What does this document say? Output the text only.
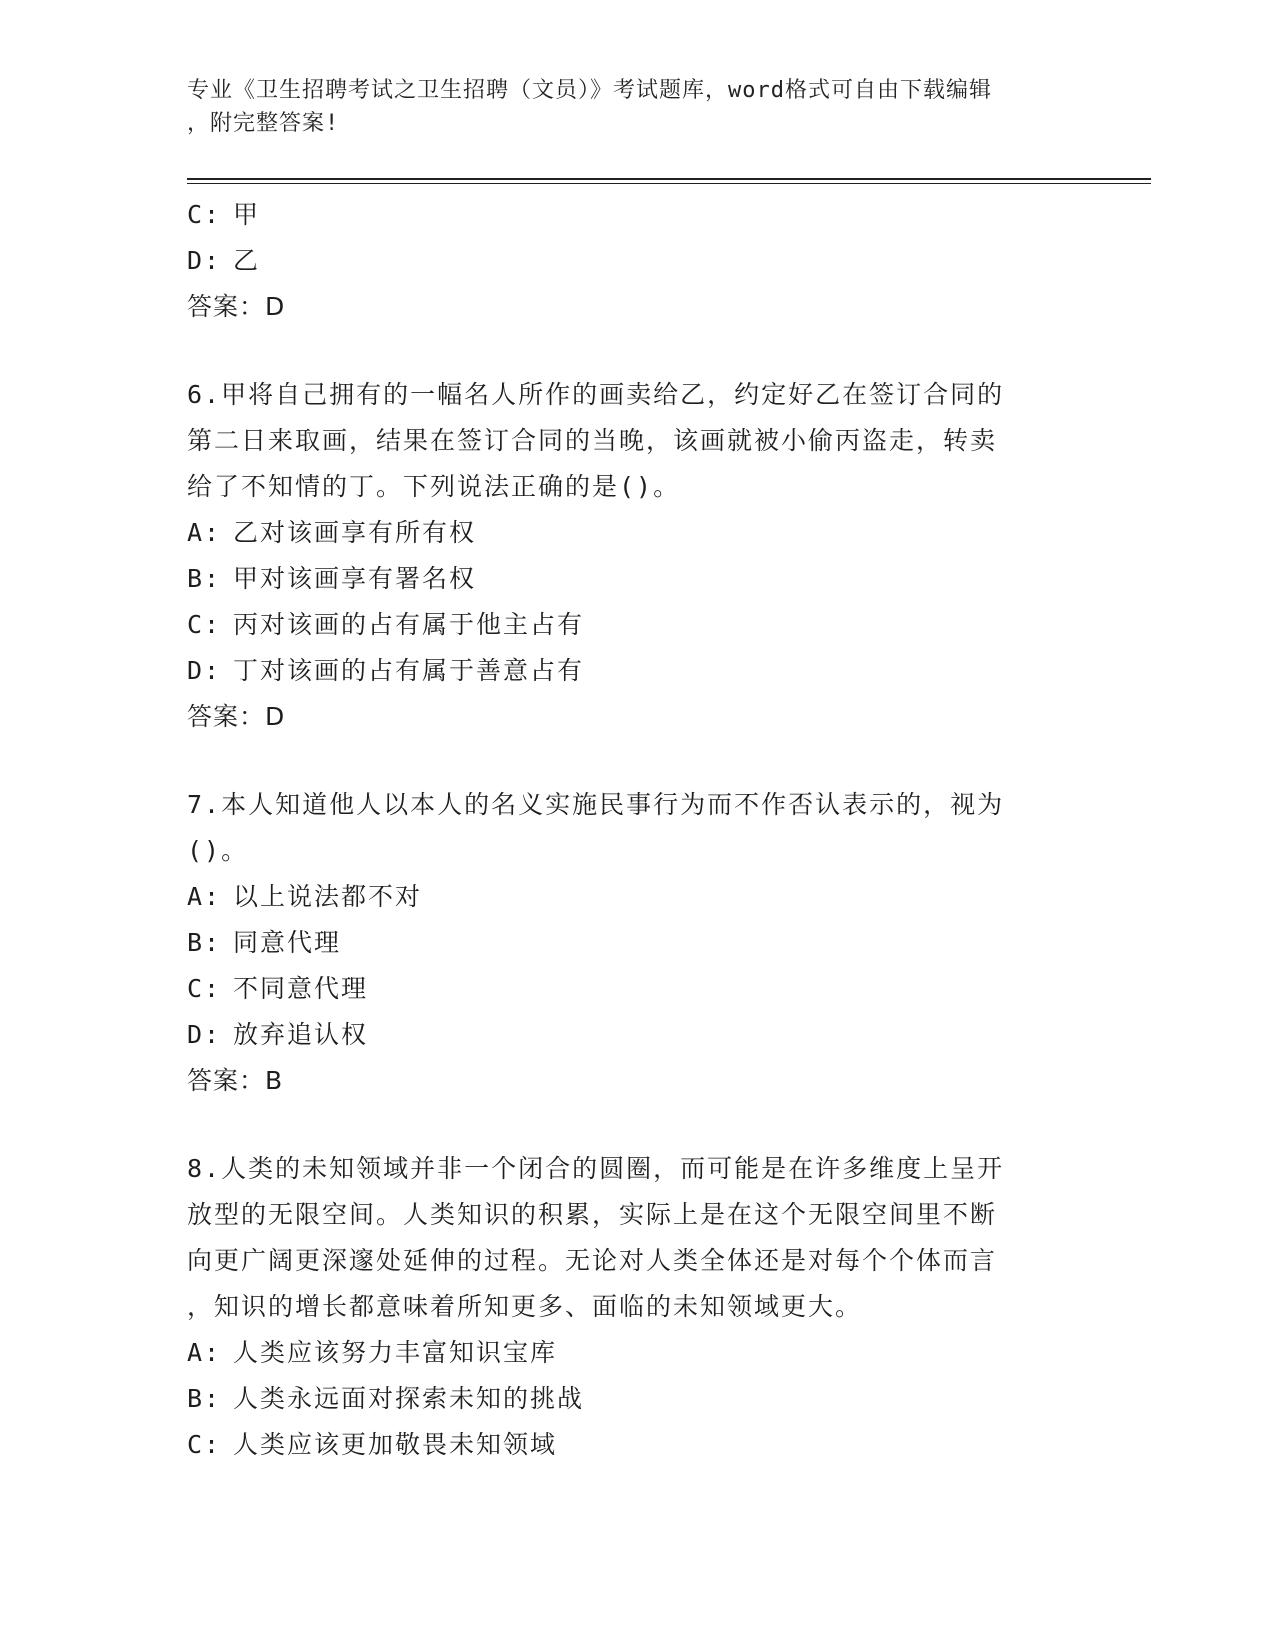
专业《卫生招聘考试之卫生招聘（文员）》考试题库，word格式可自由下载编辑
，附完整答案!
C: 甲
D: 乙
答案：D
6.甲将自己拥有的一幅名人所作的画卖给乙，约定好乙在签订合同的
第二日来取画，结果在签订合同的当晚，该画就被小偷丙盗走，转卖
给了不知情的丁。下列说法正确的是()。
A: 乙对该画享有所有权
B: 甲对该画享有署名权
C: 丙对该画的占有属于他主占有
D: 丁对该画的占有属于善意占有
答案：D
7.本人知道他人以本人的名义实施民事行为而不作否认表示的，视为
()。
A: 以上说法都不对
B: 同意代理
C: 不同意代理
D: 放弃追认权
答案：B
8.人类的未知领域并非一个闭合的圆圈，而可能是在许多维度上呈开
放型的无限空间。人类知识的积累，实际上是在这个无限空间里不断
向更广阔更深邃处延伸的过程。无论对人类全体还是对每个个体而言
，知识的增长都意味着所知更多、面临的未知领域更大。
A: 人类应该努力丰富知识宝库
B: 人类永远面对探索未知的挑战
C: 人类应该更加敬畏未知领域
